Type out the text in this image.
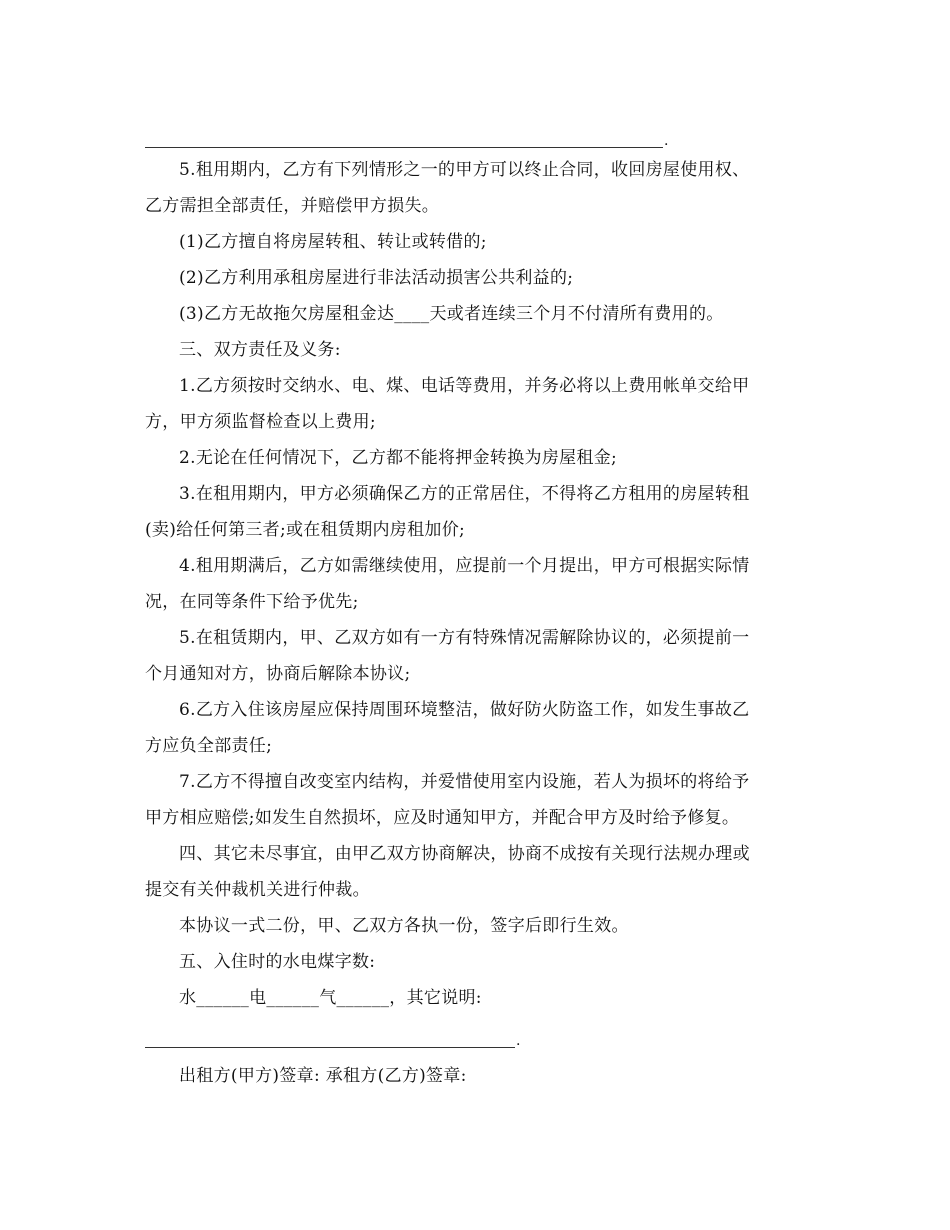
.
5.租用期内，乙方有下列情形之一的甲方可以终止合同，收回房屋使用权、
乙方需担全部责任，并赔偿甲方损失。
(1)乙方擅自将房屋转租、转让或转借的;
(2)乙方利用承租房屋进行非法活动损害公共利益的;
(3)乙方无故拖欠房屋租金达____天或者连续三个月不付清所有费用的。
三、双方责任及义务:
1.乙方须按时交纳水、电、煤、电话等费用，并务必将以上费用帐单交给甲
方，甲方须监督检查以上费用;
2.无论在任何情况下，乙方都不能将押金转换为房屋租金;
3.在租用期内，甲方必须确保乙方的正常居住，不得将乙方租用的房屋转租
(卖)给任何第三者;或在租赁期内房租加价;
4.租用期满后，乙方如需继续使用，应提前一个月提出，甲方可根据实际情
况，在同等条件下给予优先;
5.在租赁期内，甲、乙双方如有一方有特殊情况需解除协议的，必须提前一
个月通知对方，协商后解除本协议;
6.乙方入住该房屋应保持周围环境整洁，做好防火防盗工作，如发生事故乙
方应负全部责任;
7.乙方不得擅自改变室内结构，并爱惜使用室内设施，若人为损坏的将给予
甲方相应赔偿;如发生自然损坏，应及时通知甲方，并配合甲方及时给予修复。
四、其它未尽事宜，由甲乙双方协商解决，协商不成按有关现行法规办理或
提交有关仲裁机关进行仲裁。
本协议一式二份，甲、乙双方各执一份，签字后即行生效。
五、入住时的水电煤字数:
水______电______气______，其它说明:
.
出租方(甲方)签章: 承租方(乙方)签章:
